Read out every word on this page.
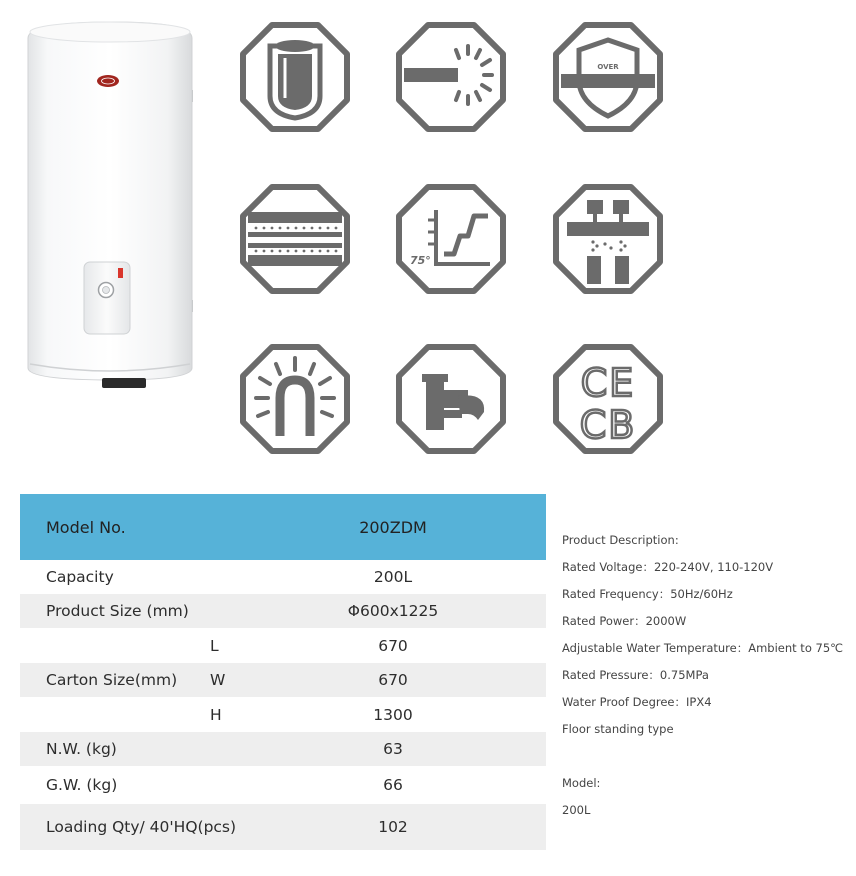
OVER
75°
CE
CB
Model No.		200ZDM
Capacity		200L
Product Size (mm)		Φ600x1225
Carton Size(mm)	L	670
	W	670
	H	1300
N.W. (kg)		63
G.W. (kg)		66
Loading Qty/ 40'HQ(pcs)		102
Product Description:
Rated Voltage：220-240V, 110-120V
Rated Frequency：50Hz/60Hz
Rated Power：2000W
Adjustable Water Temperature：Ambient to 75℃
Rated Pressure：0.75MPa
Water Proof Degree：IPX4
Floor standing type
Model:
200L
